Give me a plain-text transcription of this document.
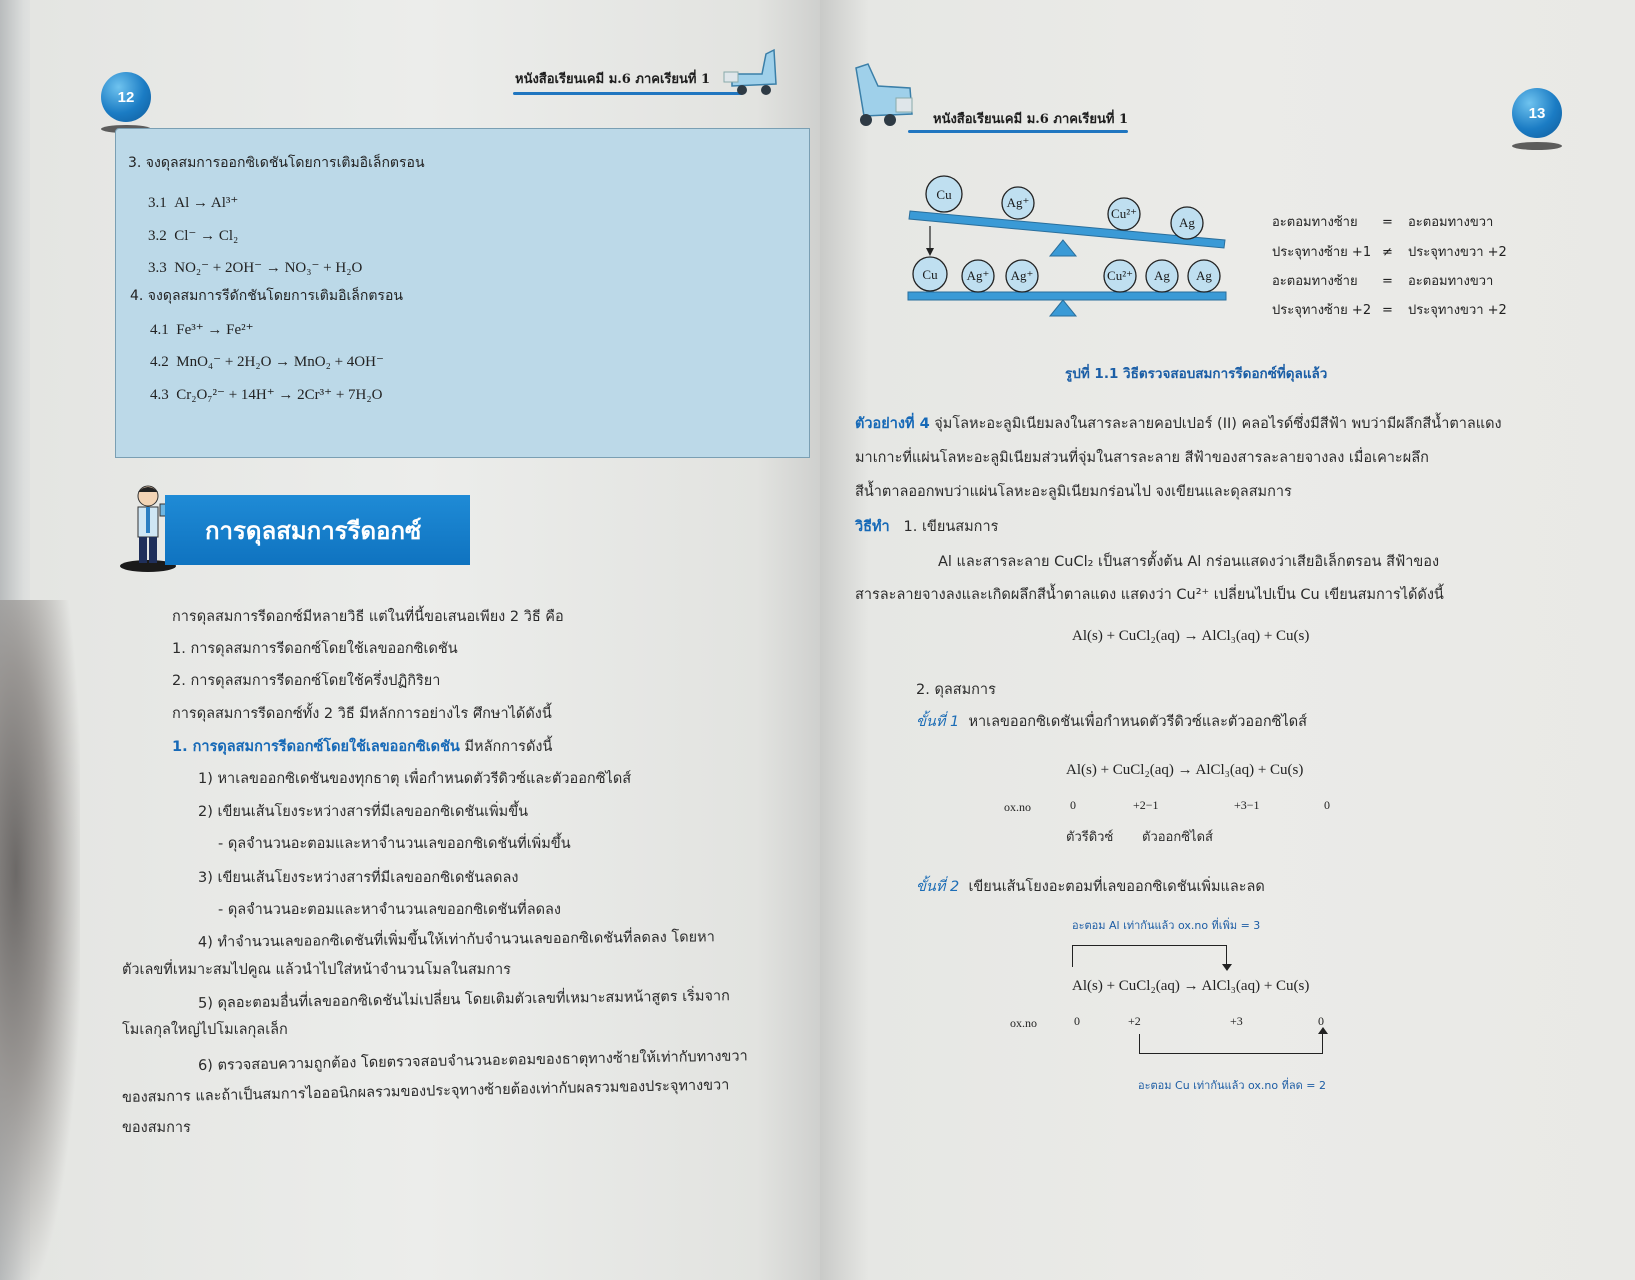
12
หนังสือเรียนเคมี ม.6 ภาคเรียนที่ 1
3. จงดุลสมการออกซิเดชันโดยการเติมอิเล็กตรอน
3.1 Al → Al³⁺
3.2 Cl⁻ → Cl₂
3.3 NO₂⁻ + 2OH⁻ → NO₃⁻ + H₂O
4. จงดุลสมการรีดักชันโดยการเติมอิเล็กตรอน
4.1 Fe³⁺ → Fe²⁺
4.2 MnO₄⁻ + 2H₂O → MnO₂ + 4OH⁻
4.3 Cr₂O₇²⁻ + 14H⁺ → 2Cr³⁺ + 7H₂O
การดุลสมการรีดอกซ์
การดุลสมการรีดอกซ์มีหลายวิธี แต่ในที่นี้ขอเสนอเพียง 2 วิธี คือ
1. การดุลสมการรีดอกซ์โดยใช้เลขออกซิเดชัน
2. การดุลสมการรีดอกซ์โดยใช้ครึ่งปฏิกิริยา
การดุลสมการรีดอกซ์ทั้ง 2 วิธี มีหลักการอย่างไร ศึกษาได้ดังนี้
1. การดุลสมการรีดอกซ์โดยใช้เลขออกซิเดชัน มีหลักการดังนี้
1) หาเลขออกซิเดชันของทุกธาตุ เพื่อกำหนดตัวรีดิวซ์และตัวออกซิไดส์
2) เขียนเส้นโยงระหว่างสารที่มีเลขออกซิเดชันเพิ่มขึ้น
- ดุลจำนวนอะตอมและหาจำนวนเลขออกซิเดชันที่เพิ่มขึ้น
3) เขียนเส้นโยงระหว่างสารที่มีเลขออกซิเดชันลดลง
- ดุลจำนวนอะตอมและหาจำนวนเลขออกซิเดชันที่ลดลง
4) ทำจำนวนเลขออกซิเดชันที่เพิ่มขึ้นให้เท่ากับจำนวนเลขออกซิเดชันที่ลดลง โดยหา
ตัวเลขที่เหมาะสมไปคูณ แล้วนำไปใส่หน้าจำนวนโมลในสมการ
5) ดุลอะตอมอื่นที่เลขออกซิเดชันไม่เปลี่ยน โดยเติมตัวเลขที่เหมาะสมหน้าสูตร เริ่มจาก
โมเลกุลใหญ่ไปโมเลกุลเล็ก
6) ตรวจสอบความถูกต้อง โดยตรวจสอบจำนวนอะตอมของธาตุทางซ้ายให้เท่ากับทางขวา
ของสมการ และถ้าเป็นสมการไอออนิกผลรวมของประจุทางซ้ายต้องเท่ากับผลรวมของประจุทางขวา
ของสมการ
หนังสือเรียนเคมี ม.6 ภาคเรียนที่ 1	13
Cu
Ag⁺
Cu²⁺
Ag
Cu Ag⁺ Ag⁺	Cu²⁺ Ag Ag
อะตอมทางซ้าย = อะตอมทางขวา
ประจุทางซ้าย +1 ≠ ประจุทางขวา +2
อะตอมทางซ้าย = อะตอมทางขวา
ประจุทางซ้าย +2 = ประจุทางขวา +2
รูปที่ 1.1 วิธีตรวจสอบสมการรีดอกซ์ที่ดุลแล้ว
ตัวอย่างที่ 4 จุ่มโลหะอะลูมิเนียมลงในสารละลายคอปเปอร์ (II) คลอไรด์ซึ่งมีสีฟ้า พบว่ามีผลึกสีน้ำตาลแดง
มาเกาะที่แผ่นโลหะอะลูมิเนียมส่วนที่จุ่มในสารละลาย สีฟ้าของสารละลายจางลง เมื่อเคาะผลึก
สีน้ำตาลออกพบว่าแผ่นโลหะอะลูมิเนียมกร่อนไป จงเขียนและดุลสมการ
วิธีทำ 1. เขียนสมการ
Al และสารละลาย CuCl₂ เป็นสารตั้งต้น Al กร่อนแสดงว่าเสียอิเล็กตรอน สีฟ้าของ
สารละลายจางลงและเกิดผลึกสีน้ำตาลแดง แสดงว่า Cu²⁺ เปลี่ยนไปเป็น Cu เขียนสมการได้ดังนี้
Al(s) + CuCl₂(aq) → AlCl₃(aq) + Cu(s)
2. ดุลสมการ
ขั้นที่ 1 หาเลขออกซิเดชันเพื่อกำหนดตัวรีดิวซ์และตัวออกซิไดส์
Al(s) + CuCl₂(aq) → AlCl₃(aq) + Cu(s)
ox.no	0	+2−1	+3−1	0
ตัวรีดิวซ์ ตัวออกซิไดส์
ขั้นที่ 2 เขียนเส้นโยงอะตอมที่เลขออกซิเดชันเพิ่มและลด
อะตอม Al เท่ากันแล้ว ox.no ที่เพิ่ม = 3
Al(s) + CuCl₂(aq) → AlCl₃(aq) + Cu(s)
ox.no	0	+2	+3	0
อะตอม Cu เท่ากันแล้ว ox.no ที่ลด = 2
